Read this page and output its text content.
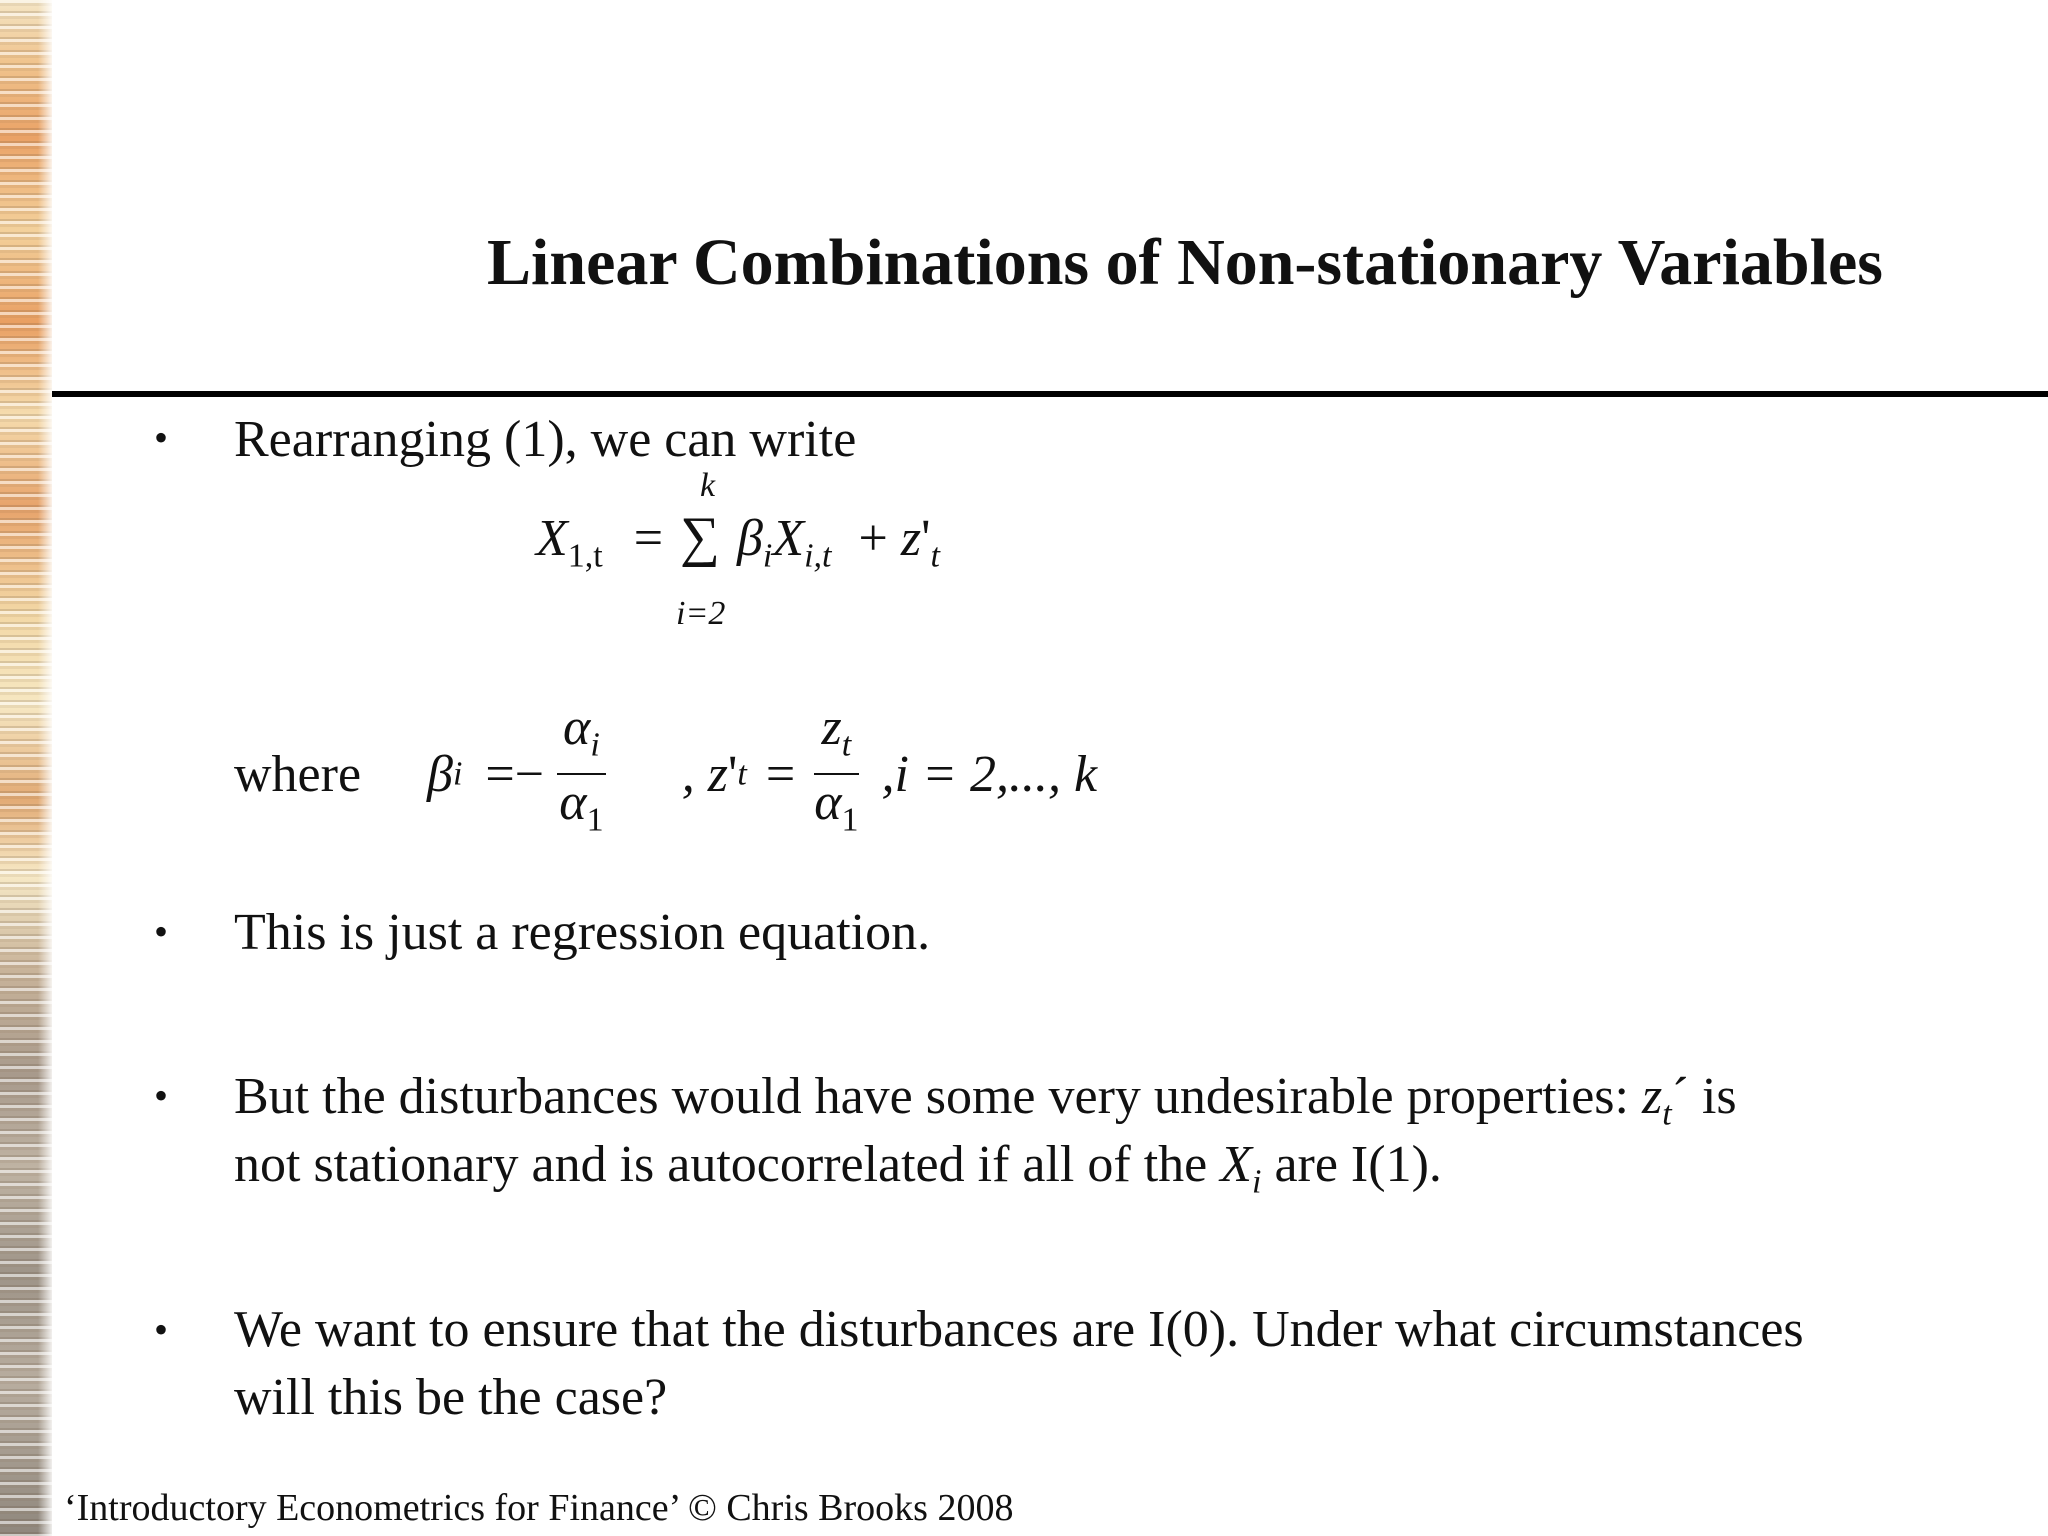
Linear Combinations of Non-stationary Variables
• Rearranging (1), we can write
$X_{1,t}$ =
k
∑
i=2
$\beta_iX_{i,t} + z'_t$
where $\beta i =- \frac{\alpha_i}{\alpha_1}$ , $z't = \frac{z_t}{\alpha_1} ,i = 2$,..., k
• This is just a regression equation.
• But the disturbances would have some very undesirable properties: $z_t´$ is
not stationary and is autocorrelated if all of the $X_i$ are I(1).
• We want to ensure that the disturbances are I(0). Under what circumstances
will this be the case?
‘Introductory Econometrics for Finance’ © Chris Brooks 2008
